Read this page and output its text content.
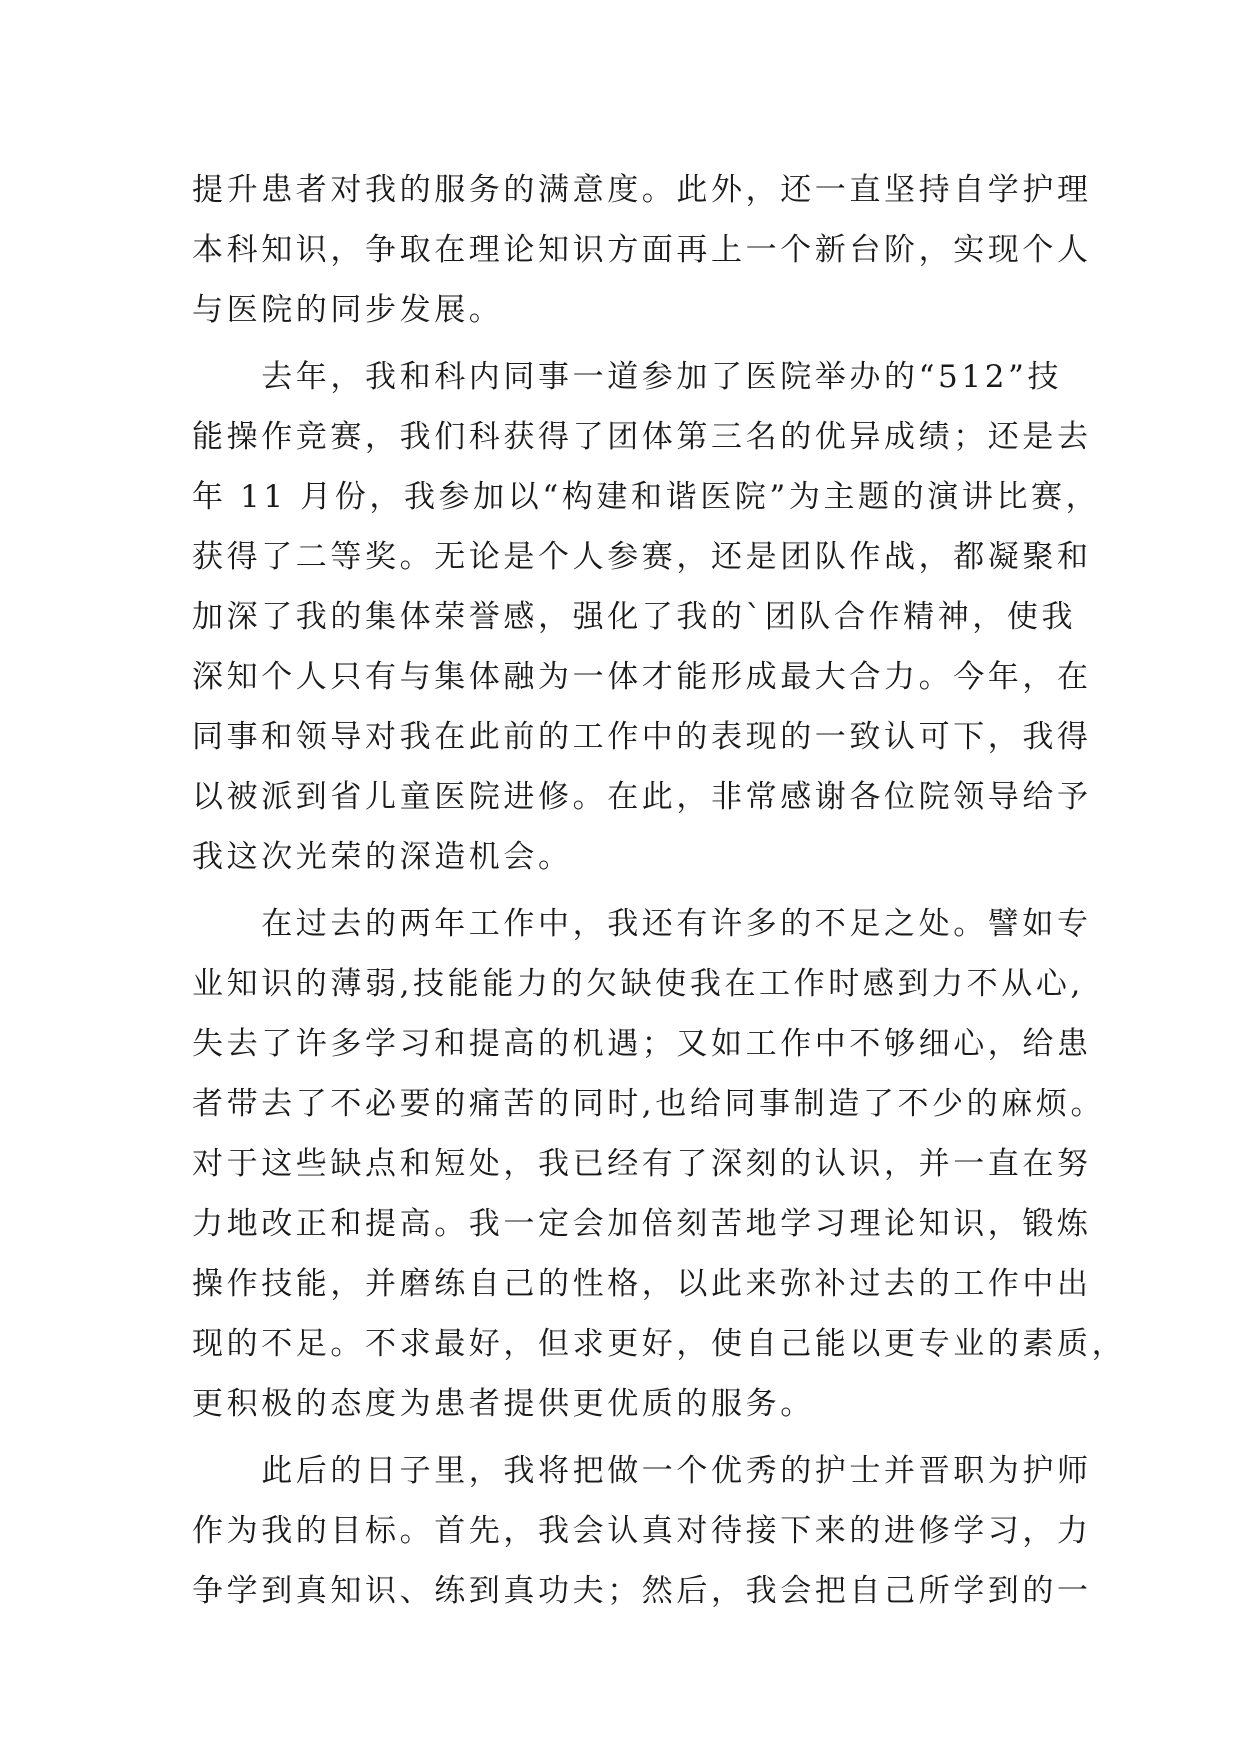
提升患者对我的服务的满意度。此外，还一直坚持自学护理
本科知识，争取在理论知识方面再上一个新台阶，实现个人
与医院的同步发展。
　　去年，我和科内同事一道参加了医院举办的“512”技
能操作竞赛，我们科获得了团体第三名的优异成绩；还是去
年 11 月份，我参加以“构建和谐医院”为主题的演讲比赛，
获得了二等奖。无论是个人参赛，还是团队作战，都凝聚和
加深了我的集体荣誉感，强化了我的`团队合作精神，使我
深知个人只有与集体融为一体才能形成最大合力。今年，在
同事和领导对我在此前的工作中的表现的一致认可下，我得
以被派到省儿童医院进修。在此，非常感谢各位院领导给予
我这次光荣的深造机会。
　　在过去的两年工作中，我还有许多的不足之处。譬如专
业知识的薄弱,技能能力的欠缺使我在工作时感到力不从心,
失去了许多学习和提高的机遇；又如工作中不够细心，给患
者带去了不必要的痛苦的同时,也给同事制造了不少的麻烦。
对于这些缺点和短处，我已经有了深刻的认识，并一直在努
力地改正和提高。我一定会加倍刻苦地学习理论知识，锻炼
操作技能，并磨练自己的性格，以此来弥补过去的工作中出
现的不足。不求最好，但求更好，使自己能以更专业的素质，
更积极的态度为患者提供更优质的服务。
　　此后的日子里，我将把做一个优秀的护士并晋职为护师
作为我的目标。首先，我会认真对待接下来的进修学习，力
争学到真知识、练到真功夫；然后，我会把自己所学到的一
